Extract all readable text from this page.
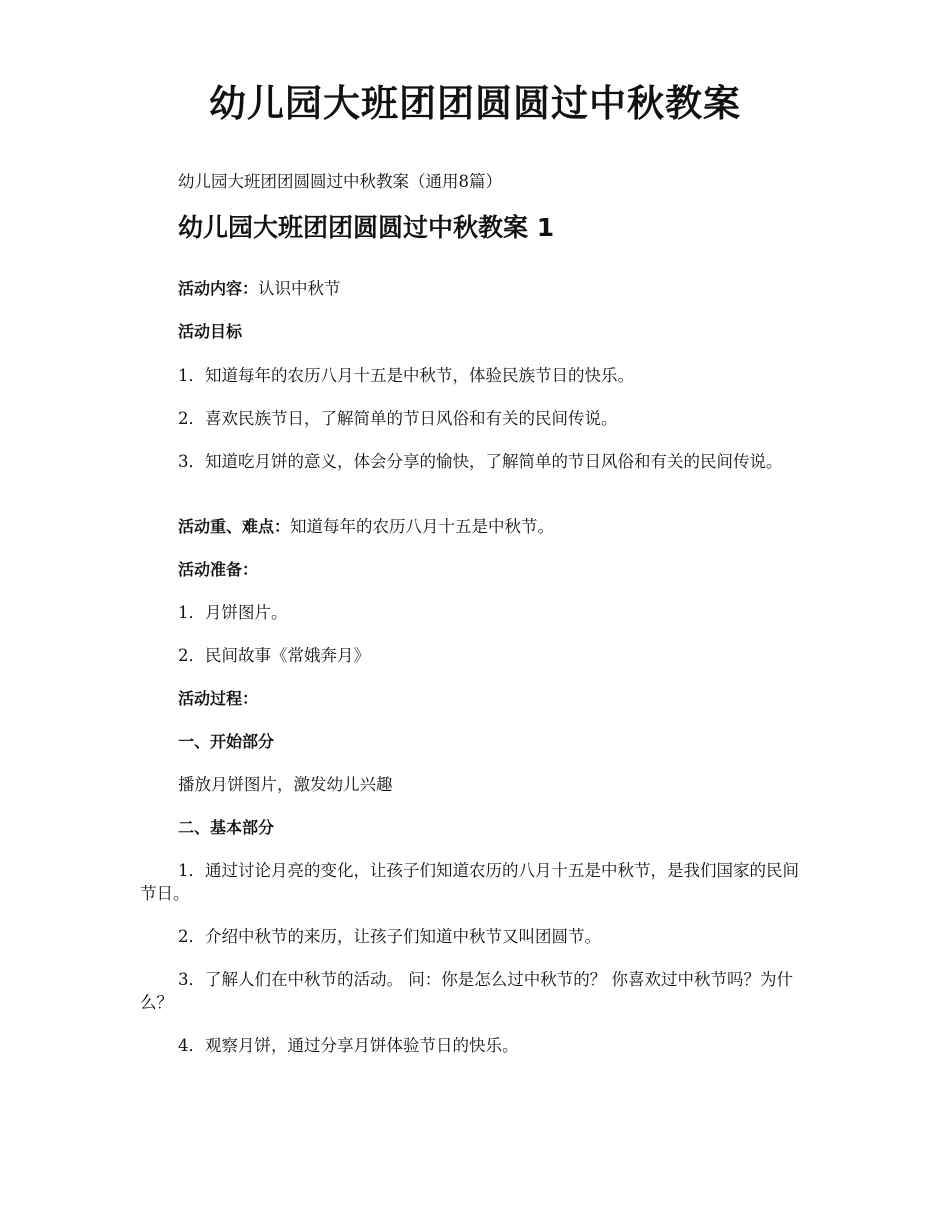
幼儿园大班团团圆圆过中秋教案

幼儿园大班团团圆圆过中秋教案（通用8篇）

幼儿园大班团团圆圆过中秋教案 1

活动内容：认识中秋节

活动目标

1．知道每年的农历八月十五是中秋节，体验民族节日的快乐。

2．喜欢民族节日，了解简单的节日风俗和有关的民间传说。

3．知道吃月饼的意义，体会分享的愉快，了解简单的节日风俗和有关的民间传说。

活动重、难点：知道每年的农历八月十五是中秋节。

活动准备：

1．月饼图片。

2．民间故事《常娥奔月》

活动过程：

一、开始部分

播放月饼图片，激发幼儿兴趣

二、基本部分

1．通过讨论月亮的变化，让孩子们知道农历的八月十五是中秋节，是我们国家的民间节日。

2．介绍中秋节的来历，让孩子们知道中秋节又叫团圆节。

3．了解人们在中秋节的活动。 问：你是怎么过中秋节的？ 你喜欢过中秋节吗？为什么？

4．观察月饼，通过分享月饼体验节日的快乐。
